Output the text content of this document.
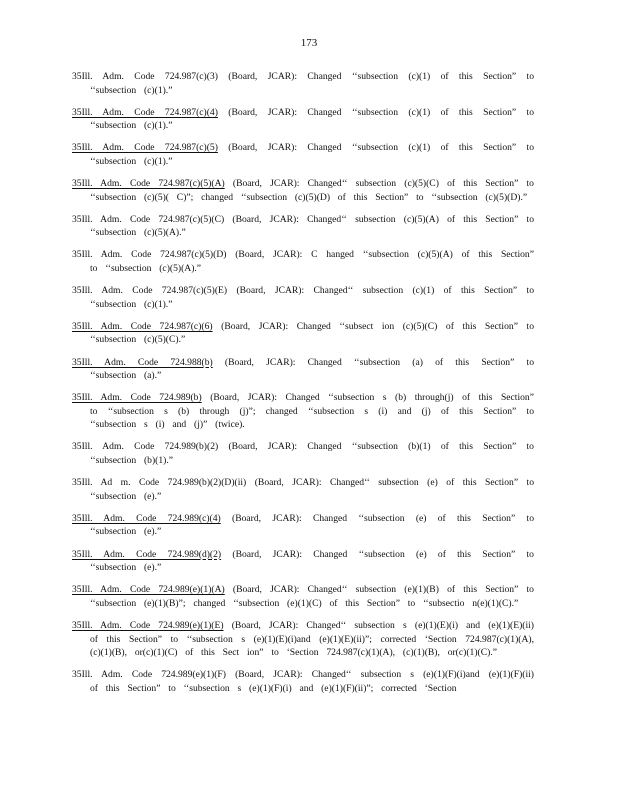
173

35Ill. Adm. Code 724.987(c)(3) (Board, JCAR): Changed ‘‘subsection (c)(1) of this Section” to ‘‘subsection (c)(1).”

35Ill. Adm. Code 724.987(c)(4) (Board, JCAR): Changed ‘‘subsection (c)(1) of this Section” to ‘‘subsection (c)(1).”

35Ill. Adm. Code 724.987(c)(5) (Board, JCAR): Changed ‘‘subsection (c)(1) of this Section” to ‘‘subsection (c)(1).”

35Ill. Adm. Code 724.987(c)(5)(A) (Board, JCAR): Changed‘‘ subsection (c)(5)(C) of this Section” to ‘‘subsection (c)(5)( C)”; changed ‘‘subsection (c)(5)(D) of this Section” to ‘‘subsection (c)(5)(D).”

35Ill. Adm. Code 724.987(c)(5)(C) (Board, JCAR): Changed‘‘ subsection (c)(5)(A) of this Section” to ‘‘subsection (c)(5)(A).”

35Ill. Adm. Code 724.987(c)(5)(D) (Board, JCAR): C hanged ‘‘subsection (c)(5)(A) of this Section” to ‘‘subsection (c)(5)(A).”

35Ill. Adm. Code 724.987(c)(5)(E) (Board, JCAR): Changed‘‘ subsection (c)(1) of this Section” to ‘‘subsection (c)(1).”

35Ill. Adm. Code 724.987(c)(6) (Board, JCAR): Changed ‘‘subsect ion (c)(5)(C) of this Section” to ‘‘subsection (c)(5)(C).”

35Ill. Adm. Code 724.988(b) (Board, JCAR): Changed ‘‘subsection (a) of this Section” to ‘‘subsection (a).”

35Ill. Adm. Code 724.989(b) (Board, JCAR): Changed ‘‘subsection s (b) through(j) of this Section” to ‘‘subsection s (b) through (j)”; changed ‘‘subsection s (i) and (j) of this Section” to ‘‘subsection s (i) and (j)” (twice).

35Ill. Adm. Code 724.989(b)(2) (Board, JCAR): Changed ‘‘subsection (b)(1) of this Section” to ‘‘subsection (b)(1).”

35Ill. Ad m. Code 724.989(b)(2)(D)(ii) (Board, JCAR): Changed‘‘ subsection (e) of this Section” to ‘‘subsection (e).”

35Ill. Adm. Code 724.989(c)(4) (Board, JCAR): Changed ‘‘subsection (e) of this Section” to ‘‘subsection (e).”

35Ill. Adm. Code 724.989(d)(2) (Board, JCAR): Changed ‘‘subsection (e) of this Section” to ‘‘subsection (e).”

35Ill. Adm. Code 724.989(e)(1)(A) (Board, JCAR): Changed‘‘ subsection (e)(1)(B) of this Section” to ‘‘subsection (e)(1)(B)”; changed ‘‘subsection (e)(1)(C) of this Section” to ‘‘subsectio n(e)(1)(C).”

35Ill. Adm. Code 724.989(e)(1)(E) (Board, JCAR): Changed‘‘ subsection s (e)(1)(E)(i) and (e)(1)(E)(ii) of this Section” to ‘‘subsection s (e)(1)(E)(i)and (e)(1)(E)(ii)”; corrected ‘Section 724.987(c)(1)(A), (c)(1)(B), or(c)(1)(C) of this Sect ion” to ‘Section 724.987(c)(1)(A), (c)(1)(B), or(c)(1)(C).”

35Ill. Adm. Code 724.989(e)(1)(F) (Board, JCAR): Changed‘‘ subsection s (e)(1)(F)(i)and (e)(1)(F)(ii) of this Section” to ‘‘subsection s (e)(1)(F)(i) and (e)(1)(F)(ii)”; corrected ‘Section
